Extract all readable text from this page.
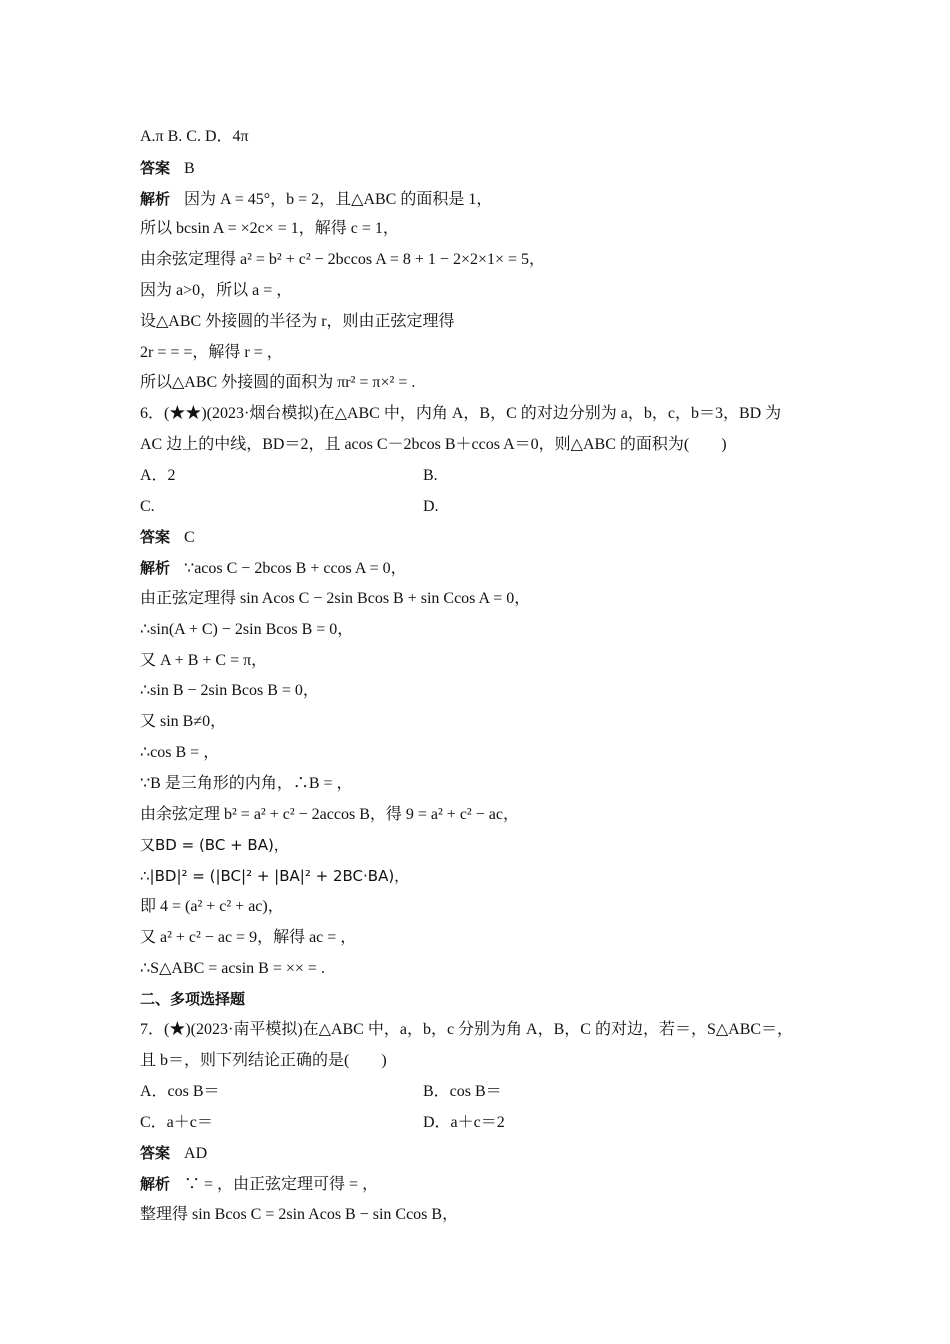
A.π B. C. D．4π
答案 B
解析 因为 A = 45°，b = 2，且△ABC 的面积是 1，
所以 bcsin A = ×2c× = 1，解得 c = 1，
由余弦定理得 a² = b² + c² − 2bccos A = 8 + 1 − 2×2×1× = 5，
因为 a>0，所以 a = ，
设△ABC 外接圆的半径为 r，则由正弦定理得
2r = = =，解得 r = ，
所以△ABC 外接圆的面积为 πr² = π×² = .
6．(★★)(2023·烟台模拟)在△ABC 中，内角 A，B，C 的对边分别为 a，b，c，b＝3，BD 为
AC 边上的中线，BD＝2，且 acos C－2bcos B＋ccos A＝0，则△ABC 的面积为(　　)
A．2	B.
C.	D.
答案 C
解析 ∵acos C − 2bcos B + ccos A = 0，
由正弦定理得 sin Acos C − 2sin Bcos B + sin Ccos A = 0，
∴sin(A + C) − 2sin Bcos B = 0，
又 A + B + C = π，
∴sin B − 2sin Bcos B = 0，
又 sin B≠0，
∴cos B = ，
∵B 是三角形的内角，∴B = ，
由余弦定理 b² = a² + c² − 2accos B，得 9 = a² + c² − ac，
又BD = (BC + BA)，
∴|BD|² = (|BC|² + |BA|² + 2BC·BA)，
即 4 = (a² + c² + ac)，
又 a² + c² − ac = 9，解得 ac = ，
∴S△ABC = acsin B = ×× = .
二、多项选择题
7．(★)(2023·南平模拟)在△ABC 中，a，b，c 分别为角 A，B，C 的对边，若＝，S△ABC＝，
且 b＝，则下列结论正确的是(　　)
A．cos B＝	B．cos B＝
C．a＋c＝	D．a＋c＝2
答案 AD
解析 ∵ = ，由正弦定理可得 = ，
整理得 sin Bcos C = 2sin Acos B − sin Ccos B，
